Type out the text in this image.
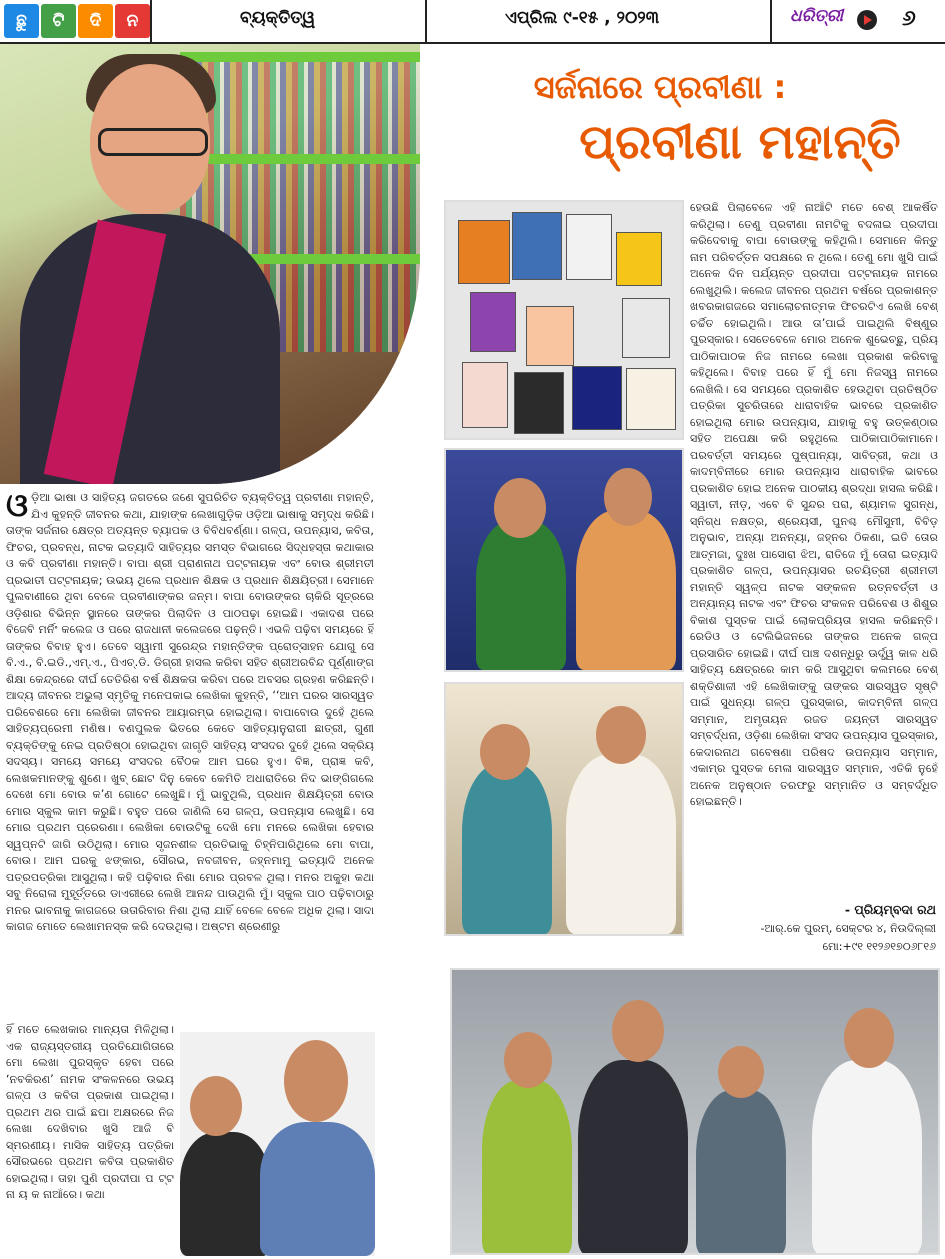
ଛୁ	ଟି	ଦି	ନ	ବ୍ୟକ୍ତିତ୍ୱ	ଏପ୍ରିଲ ୯-୧୫ , ୨୦୨୩	ଧରିତ୍ରୀ	୬
ସର୍ଜନାରେ ପ୍ରବୀଣା :
ପ୍ରବୀଣା ମହାନ୍ତି
ଓଡ଼ିଆ ଭାଷା ଓ ସାହିତ୍ୟ ଜଗତରେ ଜଣେ ସୁପରିଚିତ ବ୍ୟକ୍ତିତ୍ୱ ପ୍ରବୀଣା ମହାନ୍ତି, ଯିଏ କୁହନ୍ତି ଜୀବନର କଥା, ଯାହାଙ୍କ ଲେଖାଗୁଡ଼ିକ ଓଡ଼ିଆ ଭାଷାକୁ ସମୃଦ୍ଧ କରିଛି। ତାଙ୍କ ସର୍ଜନାର କ୍ଷେତ୍ର ଅତ୍ୟନ୍ତ ବ୍ୟାପକ ଓ ବିବିଧବର୍ଣ୍ଣା। ଗଳ୍ପ, ଉପନ୍ୟାସ, କବିତା, ଫିଚର, ପ୍ରବନ୍ଧ, ନାଟକ ଇତ୍ୟାଦି ସାହିତ୍ୟର ସମସ୍ତ ବିଭାଗରେ ସିଦ୍ଧହସ୍ତା କଥାକାର ଓ କବି ପ୍ରବୀଣା ମହାନ୍ତି। ବାପା ଶ୍ରୀ ପ୍ରାଣନାଥ ପଟ୍ଟନାୟକ ଏବଂ ବୋଉ ଶ୍ରୀମତୀ ପ୍ରଭାତୀ ପଟ୍ଟନାୟକ; ଉଭୟ ଥିଲେ ପ୍ରଧାନ ଶିକ୍ଷକ ଓ ପ୍ରଧାନ ଶିକ୍ଷୟିତ୍ରୀ। ସେମାନେ ପୁଲବାଣୀରେ ଥିବା ବେଳେ ପ୍ରବୀଣାଙ୍କର ଜନ୍ମ। ବାପା ବୋଉଙ୍କର ଚାକିରି ସୂତ୍ରରେ ଓଡ଼ିଶାର ବିଭିନ୍ନ ସ୍ଥାନରେ ତାଙ୍କର ପିଲାଦିନ ଓ ପାଠପଢ଼ା ହୋଇଛି। ଏକାଦଶ ପରେ ବିଜେବି ମର୍ନିଂ କଲେଜ ଓ ପରେ ରାଜଧାନୀ କଲେଜରେ ପଢ଼ନ୍ତି। ଏଭଳି ପଢ଼ିବା ସମୟରେ ହିଁ ତାଙ୍କର ବିବାହ ହୁଏ। ତେବେ ସ୍ୱାମୀ ସୁରେନ୍ଦ୍ର ମହାନ୍ତିଙ୍କ ପ୍ରୋତ୍ସାହନ ଯୋଗୁ ସେ ବି.ଏ., ବି.ଇଡି.,ଏମ୍.ଏ., ପିଏଚ୍.ଡି. ଡିଗ୍ରୀ ହାସଲ କରିବା ସହିତ ଶ୍ରୀଅରବିନ୍ଦ ପୂର୍ଣ୍ଣାଙ୍ଗ ଶିକ୍ଷା କେନ୍ଦ୍ରରେ ଦୀର୍ଘ ତେତିରିଶ ବର୍ଷ ଶିକ୍ଷକତା କରିବା ପରେ ଅବସର ଗ୍ରହଣ କରିଛନ୍ତି। ଆଦ୍ୟ ଜୀବନର ଅଭୁଲା ସ୍ମୃତିକୁ ମନେପକାଇ ଲେଖିକା କୁହନ୍ତି, ‘‘ଆମ ଘରର ସାରସ୍ୱତ ପରିବେଶରେ ମୋ ଲେଖିକା ଜୀବନର ଆୟାରମ୍ଭ ହୋଇଥିଲା। ବାପାବୋଉ ଦୁହେଁ ଥିଲେ ସାହିତ୍ୟପ୍ରେମୀ ମଣିଷ। ବଣପୁଲକ ଭିତରେ କେତେ ସାହିତ୍ୟାନୁରାଗୀ ଛାତ୍ରୀ, ଗୁଣୀ ବ୍ୟକ୍ତିଙ୍କୁ ନେଇ ପ୍ରତିଷ୍ଠା ହୋଇଥିବା ଜାଗୃତି ସାହିତ୍ୟ ସଂସଦର ଦୁହେଁ ଥିଲେ ସକ୍ରିୟ ସଦସ୍ୟ। ସମୟେ ସମୟେ ସଂସଦର ବୈଠକ ଆମ ଘରେ ହୁଏ। ବିଜ୍ଞ, ପ୍ରାଜ୍ଞ କବି, ଲେଖକମାନଙ୍କୁ ଶୁଣେ। ଖୁବ୍ ଛୋଟ ଦିନୁ କେବେ କେମିତି ଅଧାରାତିରେ ନିଦ ଭାଙ୍ଗିଗଲେ ଦେଖେ ମୋ ବୋଉ କ’ଣ ଗୋଟେ ଲେଖୁଛି। ମୁଁ ଭାବୁଥିଲି, ପ୍ରଧାନ ଶିକ୍ଷୟିତ୍ରୀ ବୋଉ ମୋର ସ୍କୁଲ କାମ କରୁଛି। ବହୁତ ପରେ ଜାଣିଲି ସେ ଗଳ୍ପ, ଉପନ୍ୟାସ ଲେଖୁଛି। ସେ ମୋର ପ୍ରଥମ ପ୍ରେରଣା। ଲେଖିକା ବୋଉଟିକୁ ଦେଖି ମୋ ମନରେ ଲେଖିକା ହେବାର ସ୍ୱପ୍ନଟି ଜାଗି ଉଠିଥିଲା। ମୋର ସୃଜନଶୀଳ ପ୍ରତିଭାକୁ ଚିହ୍ନିପାରିଥିଲେ ମୋ ବାପା, ବୋଉ। ଆମ ଘରକୁ ଝଙ୍କାର, ସୌରଭ, ନବଜୀବନ, ଜହ୍ନମାମୁ ଇତ୍ୟାଦି ଅନେକ ପତ୍ରପତ୍ରିକା ଆସୁଥିଲା। କହି ପଢ଼ିବାର ନିଶା ମୋର ପ୍ରବଳ ଥିଲା। ମନର ଅକୁହା କଥା ସବୁ ନିରୋଳା ମୁହୂର୍ତ୍ତରେ ଡାଏରୀରେ ଲେଖି ଆନନ୍ଦ ପାଉଥିଲି ମୁଁ। ସ୍କୁଲ ପାଠ ପଢ଼ିବାଠାରୁ ମନର ଭାବନାକୁ କାଗଜରେ ଉତାରିବାର ନିଶା ଥିଲା ଯାହିଁ ବେଳେ ବେଳେ ଅଧିକ ଥିଲା। ସାଦା କାଗଜ ମୋତେ ଲେଖାମନସ୍କ କରି ଦେଉଥିଲା। ଅଷ୍ଟମ ଶ୍ରେଣୀରୁ
ହିଁ ମତେ ଲେଖକାର ମାନ୍ୟତା ମିଳିଥିଲା। ଏକ ରାଜ୍ୟସ୍ତରୀୟ ପ୍ରତିଯୋଗିତାରେ ମୋ ଲେଖା ପୁରସ୍କୃତ ହେବା ପରେ ‘ନବକିରଣ’ ନାମକ ସଂକଳନରେ ଉଭୟ ଗଳ୍ପ ଓ କବିତା ପ୍ରକାଶ ପାଇଥିଲା। ପ୍ରଥମ ଥର ପାଇଁ ଛପା ଅକ୍ଷରରେ ନିଜ ଲେଖା ଦେଖିବାର ଖୁସି ଆଜି ବି ସ୍ମରଣୀୟ। ମାସିକ ସାହିତ୍ୟ ପତ୍ରିକା ସୌରଭରେ ପ୍ରଥମ କବିତା ପ୍ରକାଶିତ ହୋଇଥିଲା। ତାହା ପୁଣି ପ୍ରଦୀପା ପ ଟ୍ଟ ନା ୟ କ ନାଆଁରେ। କଥା
ହେଉଛି ପିଲାବେଳେ ଏହି ନାଆଁଟି ମତେ ବେଶ୍ ଆକର୍ଷିତ କରିଥିଲା। ତେଣୁ ପ୍ରବୀଣା ନାମଟିକୁ ବଦଳାଇ ପ୍ରଦୀପା କରିଦେବାକୁ ବାପା ବୋଉଙ୍କୁ କହିଥିଲି। ସେମାନେ କିନ୍ତୁ ନାମ ପରିବର୍ତ୍ତନ ସପକ୍ଷରେ ନ ଥିଲେ। ତେଣୁ ମୋ ଖୁସି ପାଇଁ ଅନେକ ଦିନ ପର୍ଯ୍ୟନ୍ତ ପ୍ରଦୀପା ପଟ୍ଟନାୟକ ନାମରେ ଲେଖୁଥିଲି। କଲେଜ ଜୀବନର ପ୍ରଥମ ବର୍ଷରେ ପ୍ରକାଶନ୍ତ ଖବରକାଗଜରେ ସମାଲୋଚନାତ୍ମକ ଫିଚରଟିଏ ଲେଖି ବେଶ୍ ଚର୍ଚ୍ଚିତ ହୋଇଥିଲି। ଆଉ ତା’ପାଇଁ ପାଇଥିଲି ବିଷ୍ଣୁର ପୁରସ୍କାର। ସେତେବେଳେ ମୋର ଅନେକ ଶୁଭେଚ୍ଛୁ, ପ୍ରିୟ ପାଠିକାପାଠକ ନିଜ ନାମରେ ଲେଖା ପ୍ରକାଶ କରିବାକୁ କହିଥିଲେ। ବିବାହ ପରେ ହିଁ ମୁଁ ମୋ ନିଜସ୍ୱ ନାମରେ ଲେଖିଲି। ସେ ସମୟରେ ପ୍ରକାଶିତ ହେଉଥିବା ପ୍ରତିଷ୍ଠିତ ପତ୍ରିକା ସୁଚରିତାରେ ଧାରାବାହିକ ଭାବରେ ପ୍ରକାଶିତ ହୋଇଥିଲା ମୋର ଉପନ୍ୟାସ, ଯାହାକୁ ବହୁ ଉତ୍କଣ୍ଠାର ସହିତ ଅପେକ୍ଷା କରି ରହୁଥିଲେ ପାଠିକାପାଠିକାମାନେ। ପରବର୍ତ୍ତୀ ସମୟରେ ପୁଷ୍ପାନ୍ୟା, ସାବିତ୍ରୀ, କଥା ଓ କାଦମ୍ବିନୀରେ ମୋର ଉପନ୍ୟାସ ଧାରାବାହିକ ଭାବରେ ପ୍ରକାଶିତ ହୋଇ ଅନେକ ପାଠକୀୟ ଶ୍ରଦ୍ଧା ହାସଲ କରିଛି। ସ୍ୱାତୀ, ନୀଡ଼, ଏବେ ବି ସୁନ୍ଦର ପରା, ଶ୍ୟାମଳ ସୁଗନ୍ଧ, ସ୍ନିଗ୍ଧ ନକ୍ଷତ୍ର, ଶ୍ରେୟସୀ, ପୁନଶ୍ଚ ମୌସୁମୀ, ବିବିଡ଼ ଅନୁଭାବ, ଅନ୍ୟା ଅନନ୍ୟା, ଜହ୍ନର ଠିକଣା, ଇତି ତୋର ଆତ୍ମଜା, ଦୁଃଖ ପାସୋରା ଝିଅ, ରାତିଜେ ମୁଁ ତୋରା ଇତ୍ୟାଦି ପ୍ରକାଶିତ ଗଳ୍ପ, ଉପନ୍ୟାସର ରଚୟିତ୍ରୀ ଶ୍ରୀମତୀ ମହାନ୍ତି ସ୍ୱଳ୍ପ ନାଟକ ସଙ୍କଳନ ରତ୍ନବର୍ତ୍ତୀ ଓ ଅନ୍ୟାନ୍ୟ ନାଟକ ଏବଂ ଫିଚର ସଂକଳନ ପରିବେଶ ଓ ଶିଶୁର ବିକାଶ ପୁସ୍ତକ ପାଇଁ ଲୋକପ୍ରିୟତା ହାସଲ କରିଛନ୍ତି। ରେଡିଓ ଓ ଟେଲିଭିଜନରେ ତାଙ୍କର ଅନେକ ଗଳ୍ପ ପ୍ରସାରିତ ହୋଇଛି। ଦୀର୍ଘ ପାଞ୍ଚ ଦଶନ୍ଧିରୁ ଊର୍ଦ୍ଧ୍ୱ କାଳ ଧରି ସାହିତ୍ୟ କ୍ଷେତ୍ରରେ କାମ କରି ଆସୁଥିବା କଲମରେ ବେଶ୍ ଶକ୍ତିଶାଳୀ ଏହି ଲେଖିକାଙ୍କୁ ତାଙ୍କର ସାରସ୍ୱତ ସୃଷ୍ଟି ପାଇଁ ସୁଧନ୍ୟା ଗଳ୍ପ ପୁରସ୍କାର, କାଦମ୍ବିନୀ ଗଳ୍ପ ସମ୍ମାନ, ଅମୃତାୟନ ରଜତ ଜୟନ୍ତୀ ସାରସ୍ୱତ ସମ୍ବର୍ଦ୍ଧନା, ଓଡ଼ିଶା ଲେଖିକା ସଂସଦ ଉପନ୍ୟାସ ପୁରସ୍କାର, କେଦାରନାଥ ଗବେଷଣା ପରିଷଦ ଉପନ୍ୟାସ ସମ୍ମାନ, ଏକାମ୍ର ପୁସ୍ତକ ମେଳା ସାରସ୍ୱତ ସମ୍ମାନ, ଏତିକି ନୁହେଁ ଅନେକ ଅନୁଷ୍ଠାନ ତରଫରୁ ସମ୍ମାନିତ ଓ ସମ୍ବର୍ଦ୍ଧିତ ହୋଇଛନ୍ତି।
- ପ୍ରିୟମ୍ବଦା ରଥ
-ଆର୍.କେ ପୁରମ୍, ସେକ୍ଟର ୪, ନିଉଦିଲ୍ଲୀ
ମୋ:+୯୧ ୧୧୨୬୧୭୦୬୮୧୬
